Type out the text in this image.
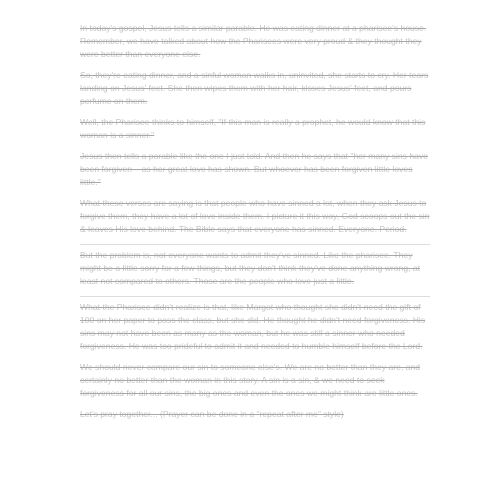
In today's gospel, Jesus tells a similar parable. He was eating dinner at a pharisee's house. Remember, we have talked about how the Pharisees were very proud & they thought they were better than everyone else.

So, they're eating dinner, and a sinful woman walks in, uninvited, she starts to cry. Her tears landing on Jesus' feet. She then wipes them with her hair, kisses Jesus' feet, and pours perfume on them.

Well, the Pharisee thinks to himself, "If this man is really a prophet, he would know that this woman is a sinner."

Jesus then tells a parable like the one I just told. And then he says that "her many sins have been forgiven – as her great love has shown. But whoever has been forgiven little loves little."

What these verses are saying is that people who have sinned a lot, when they ask Jesus to forgive them, they have a lot of love inside them. I picture it this way, God scoops out the sin & leaves His love behind. The Bible says that everyone has sinned. Everyone. Period.

But the problem is, not everyone wants to admit they've sinned. Like the pharisee. They might be a little sorry for a few things, but they don't think they've done anything wrong, at least not compared to others. Those are the people who love just a little.

What the Pharisee didn't realize is that, like Margot who thought she didn't need the gift of 100 on her paper to pass the class, but she did. He thought he didn't need forgiveness. His sins may not have been as many as the woman, but he was still a sinner who needed forgiveness. He was too prideful to admit it and needed to humble himself before the Lord.

We should never compare our sin to someone else's. We are no better than they are, and certainly no better than the woman in this story. A sin is a sin, & we need to seek forgiveness for all our sins, the big ones and even the ones we might think are little ones.

Let's pray together... (Prayer can be done in a "repeat after me" style)
